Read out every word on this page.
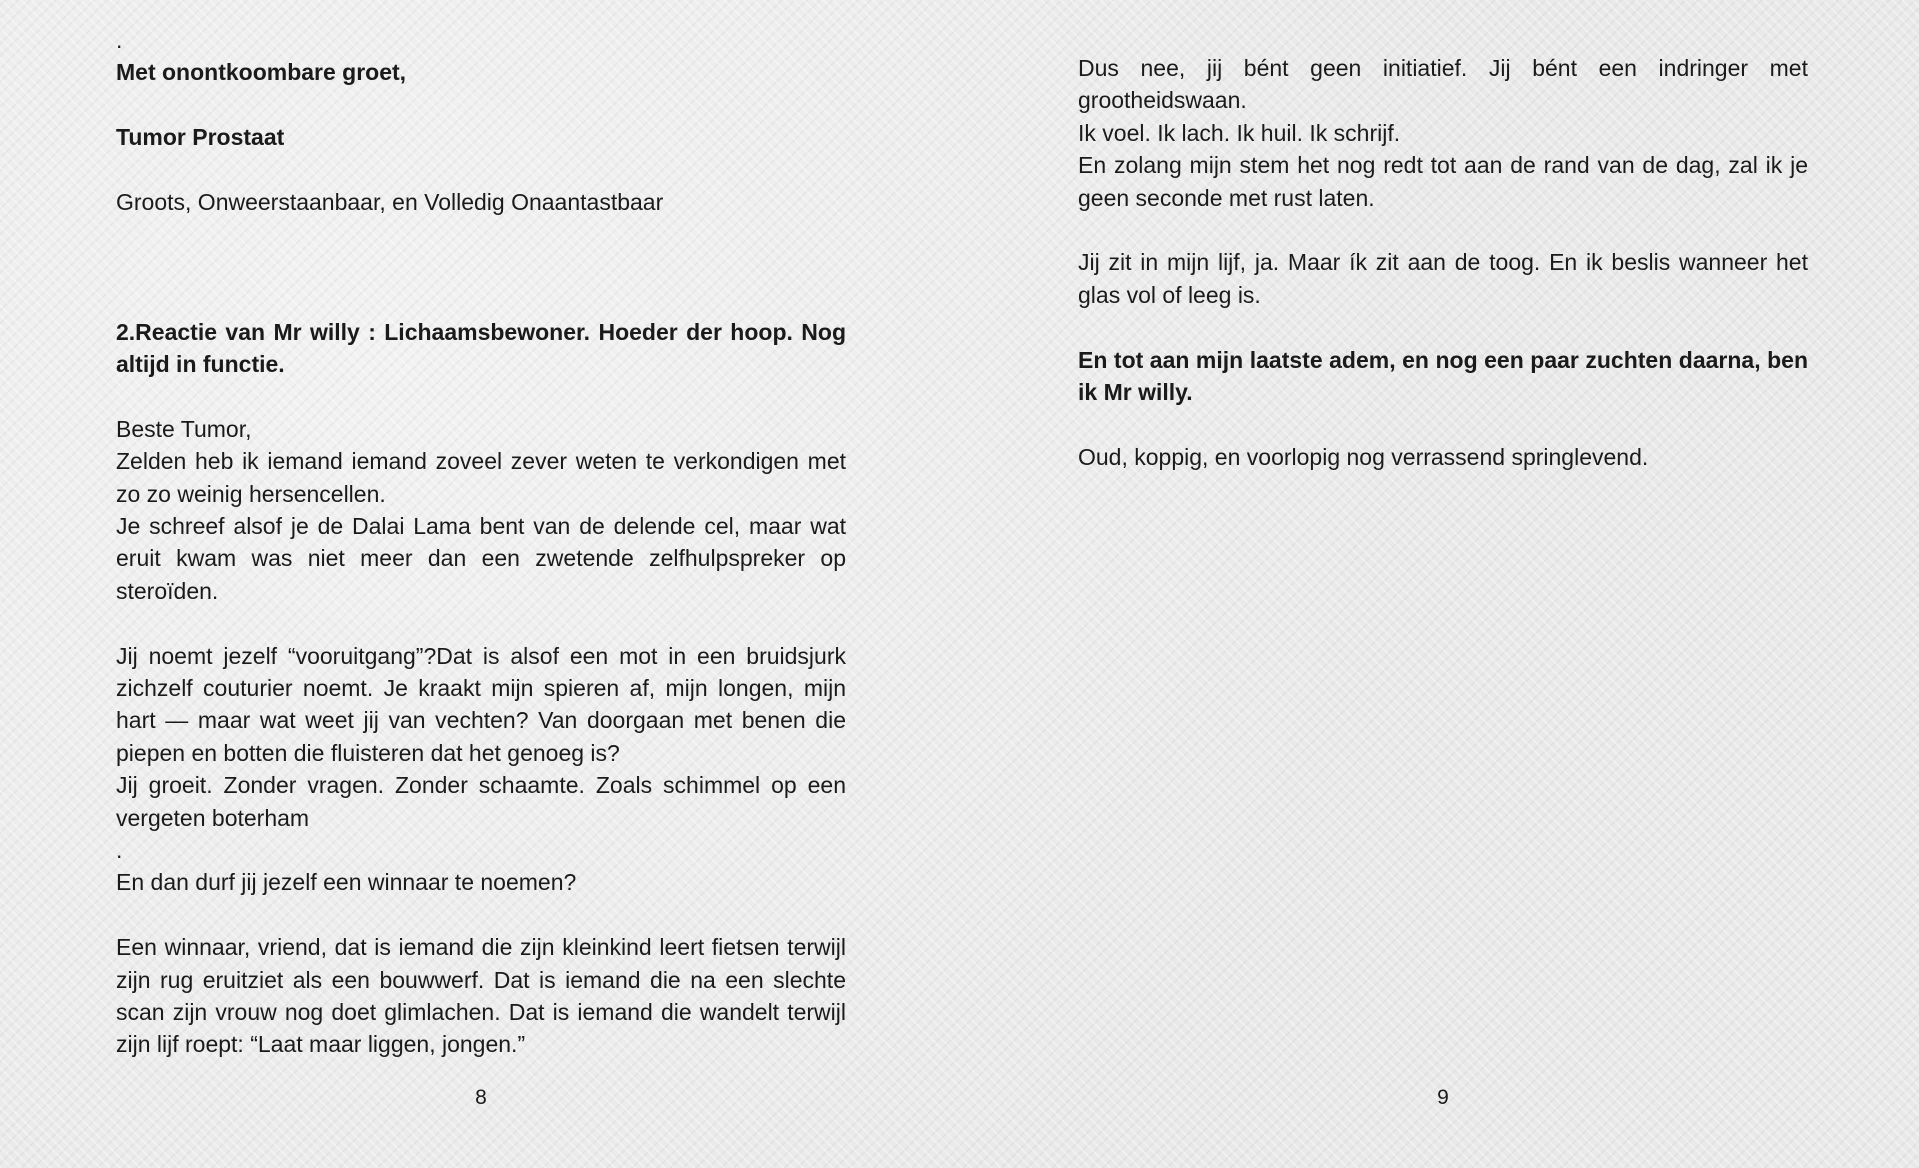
.

Met onontkoombare groet,

Tumor Prostaat

Groots, Onweerstaanbaar, en Volledig Onaantastbaar

2.Reactie van Mr willy : Lichaamsbewoner. Hoeder der hoop. Nog altijd in functie.

Beste Tumor,

Zelden heb ik iemand iemand zoveel zever weten te verkondigen met zo zo weinig hersencellen.

Je schreef alsof je de Dalai Lama bent van de delende cel, maar wat eruit kwam was niet meer dan een zwetende zelfhulpspreker op steroïden.

Jij noemt jezelf “vooruitgang”?Dat is alsof een mot in een bruidsjurk zichzelf couturier noemt. Je kraakt mijn spieren af, mijn longen, mijn hart — maar wat weet jij van vechten? Van doorgaan met benen die piepen en botten die fluisteren dat het genoeg is?

Jij groeit. Zonder vragen. Zonder schaamte. Zoals schimmel op een vergeten boterham

.

En dan durf jij jezelf een winnaar te noemen?

Een winnaar, vriend, dat is iemand die zijn kleinkind leert fietsen terwijl zijn rug eruitziet als een bouwwerf. Dat is iemand die na een slechte scan zijn vrouw nog doet glimlachen. Dat is iemand die wandelt terwijl zijn lijf roept: “Laat maar liggen, jongen.”

8

Dus nee, jij bént geen initiatief. Jij bént een indringer met grootheidswaan.

Ik voel. Ik lach. Ik huil. Ik schrijf.

En zolang mijn stem het nog redt tot aan de rand van de dag, zal ik je geen seconde met rust laten.

Jij zit in mijn lijf, ja. Maar ík zit aan de toog. En ik beslis wanneer het glas vol of leeg is.

En tot aan mijn laatste adem, en nog een paar zuchten daarna, ben ik Mr willy.

Oud, koppig, en voorlopig nog verrassend springlevend.

9
